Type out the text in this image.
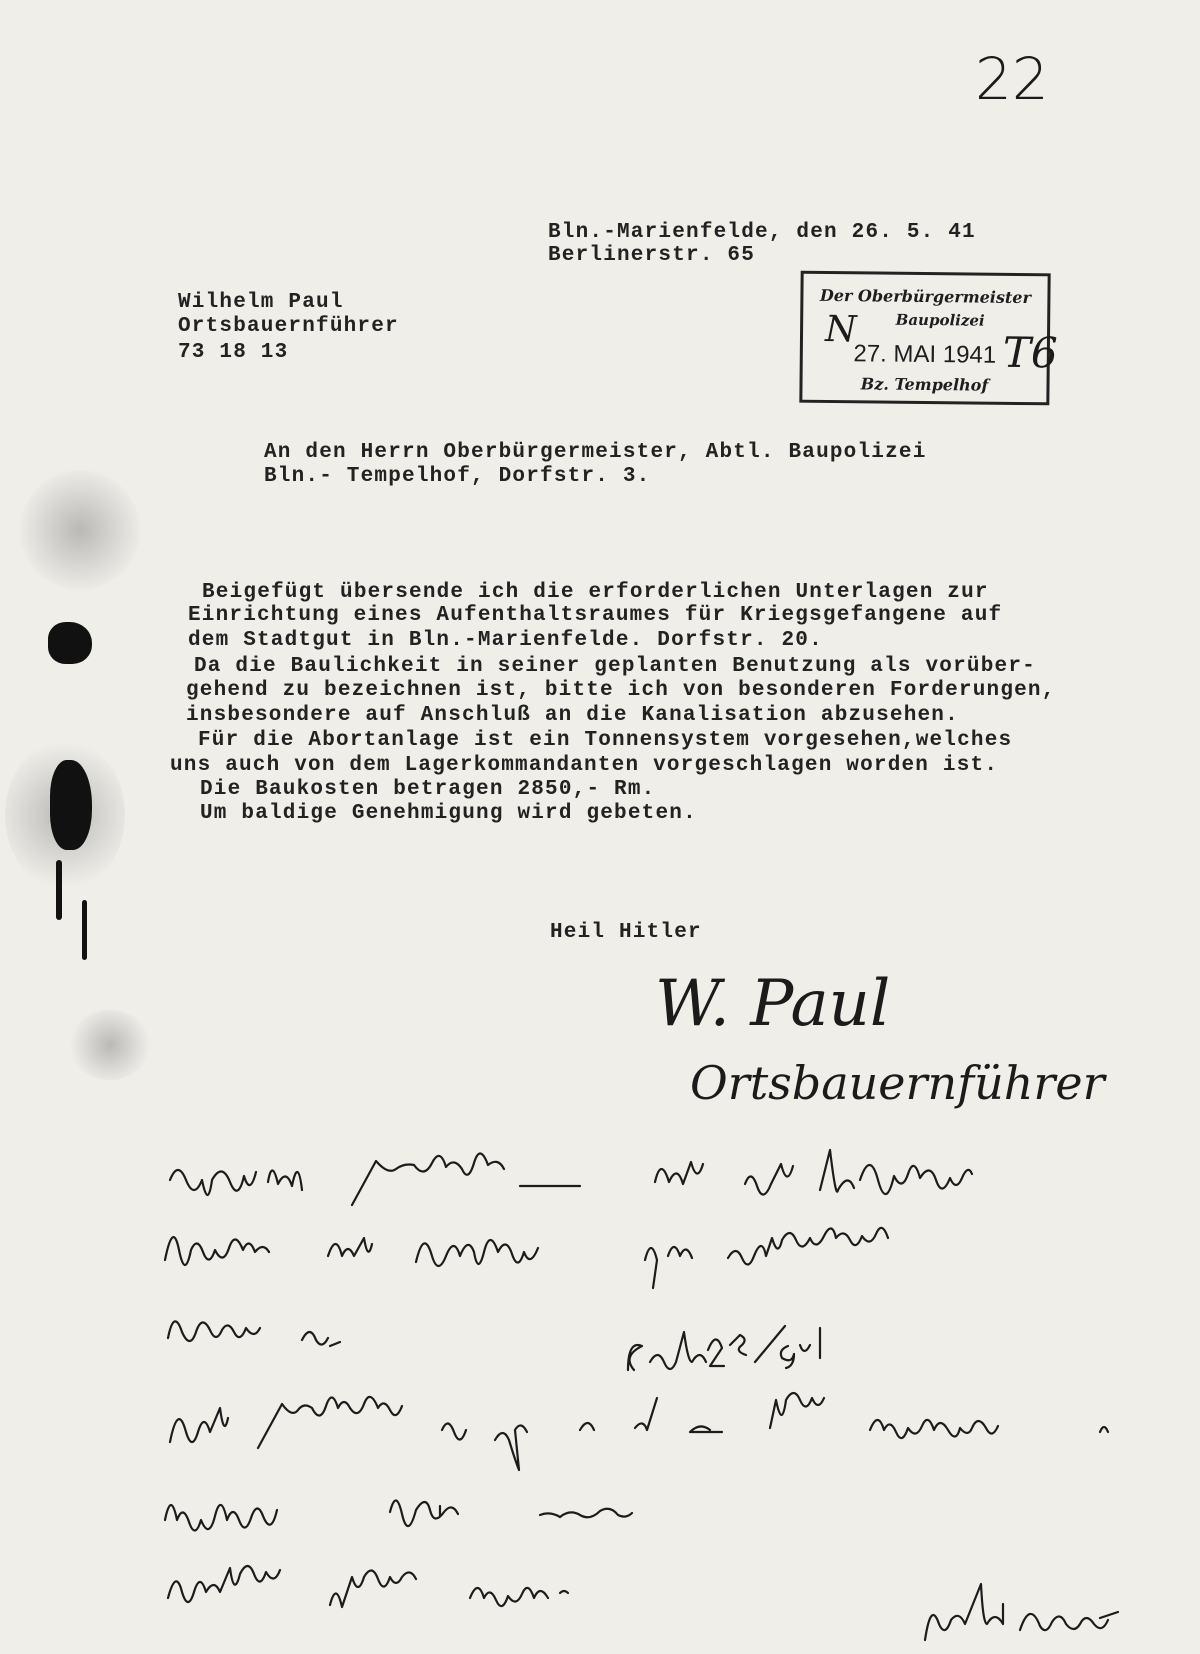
22
Bln.-Marienfelde, den 26. 5. 41
Berlinerstr. 65
Wilhelm Paul
Ortsbauernführer
73 18 13
Der Oberbürgermeister
Baupolizei
N
27. MAI 1941 T6
Bz. Tempelhof
An den Herrn Oberbürgermeister, Abtl. Baupolizei
Bln.- Tempelhof, Dorfstr. 3.
Beigefügt übersende ich die erforderlichen Unterlagen zur
Einrichtung eines Aufenthaltsraumes für Kriegsgefangene auf
dem Stadtgut in Bln.-Marienfelde. Dorfstr. 20.
Da die Baulichkeit in seiner geplanten Benutzung als vorüber-
gehend zu bezeichnen ist, bitte ich von besonderen Forderungen,
insbesondere auf Anschluß an die Kanalisation abzusehen.
Für die Abortanlage ist ein Tonnensystem vorgesehen,welches
uns auch von dem Lagerkommandanten vorgeschlagen worden ist.
Die Baukosten betragen 2850,- Rm.
Um baldige Genehmigung wird gebeten.
Heil Hitler
W. Paul
Ortsbauernführer
